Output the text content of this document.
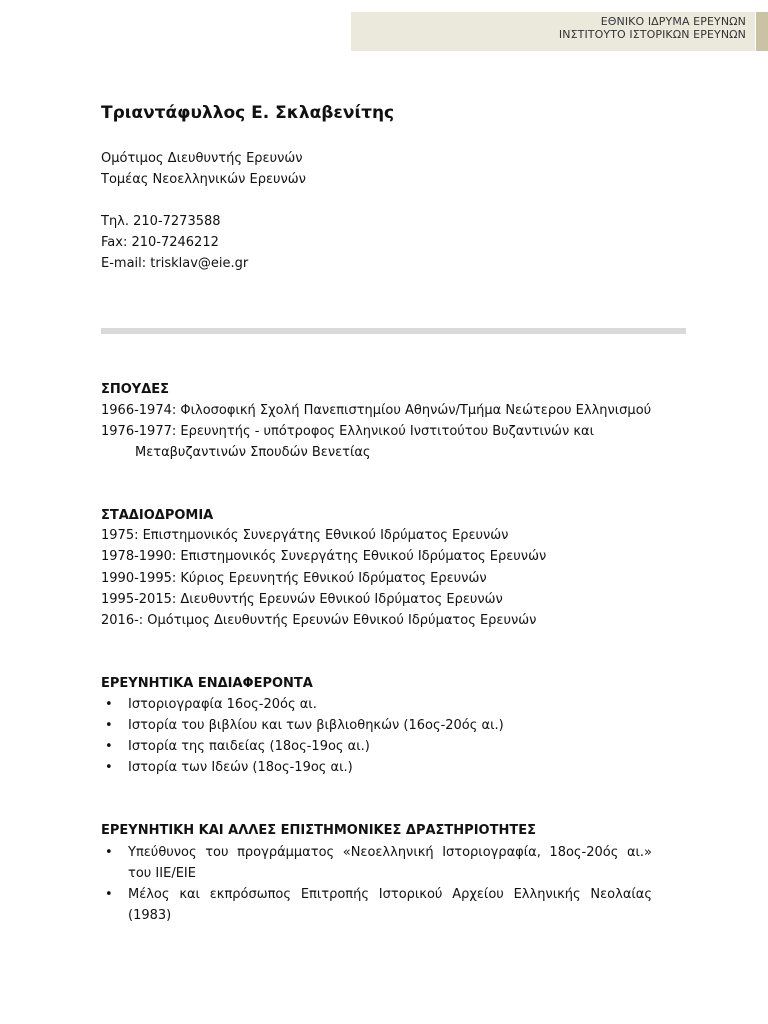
ΕΘΝΙΚΟ ΙΔΡΥΜΑ ΕΡΕΥΝΩΝ
ΙΝΣΤΙΤΟΥΤΟ ΙΣΤΟΡΙΚΩΝ ΕΡΕΥΝΩΝ
Τριαντάφυλλος Ε. Σκλαβενίτης
Ομότιμος Διευθυντής Ερευνών
Τομέας Νεοελληνικών Ερευνών
Τηλ. 210-7273588
Fax: 210-7246212
E-mail: trisklav@eie.gr
ΣΠΟΥΔΕΣ
1966-1974: Φιλοσοφική Σχολή Πανεπιστημίου Αθηνών/Τμήμα Νεώτερου Ελληνισμού
1976-1977: Ερευνητής - υπότροφος Ελληνικού Ινστιτούτου Βυζαντινών και
Μεταβυζαντινών Σπουδών Βενετίας
ΣΤΑΔΙΟΔΡΟΜΙΑ
1975: Επιστημονικός Συνεργάτης Εθνικού Ιδρύματος Ερευνών
1978-1990: Επιστημονικός Συνεργάτης Εθνικού Ιδρύματος Ερευνών
1990-1995: Κύριος Ερευνητής Εθνικού Ιδρύματος Ερευνών
1995-2015: Διευθυντής Ερευνών Εθνικού Ιδρύματος Ερευνών
2016-: Ομότιμος Διευθυντής Ερευνών Εθνικού Ιδρύματος Ερευνών
ΕΡΕΥΝΗΤΙΚΑ ΕΝΔΙΑΦΕΡΟΝΤΑ
• Ιστοριογραφία 16ος-20ός αι.
• Ιστορία του βιβλίου και των βιβλιοθηκών (16ος-20ός αι.)
• Ιστορία της παιδείας (18ος-19ος αι.)
• Ιστορία των Ιδεών (18ος-19ος αι.)
ΕΡΕΥΝΗΤΙΚΗ ΚΑΙ ΑΛΛΕΣ ΕΠΙΣΤΗΜΟΝΙΚΕΣ ΔΡΑΣΤΗΡΙΟΤΗΤΕΣ
• Υπεύθυνος του προγράμματος «Νεοελληνική Ιστοριογραφία, 18ος-20ός αι.» του ΙΙΕ/ΕΙΕ
• Μέλος και εκπρόσωπος Επιτροπής Ιστορικού Αρχείου Ελληνικής Νεολαίας (1983)
